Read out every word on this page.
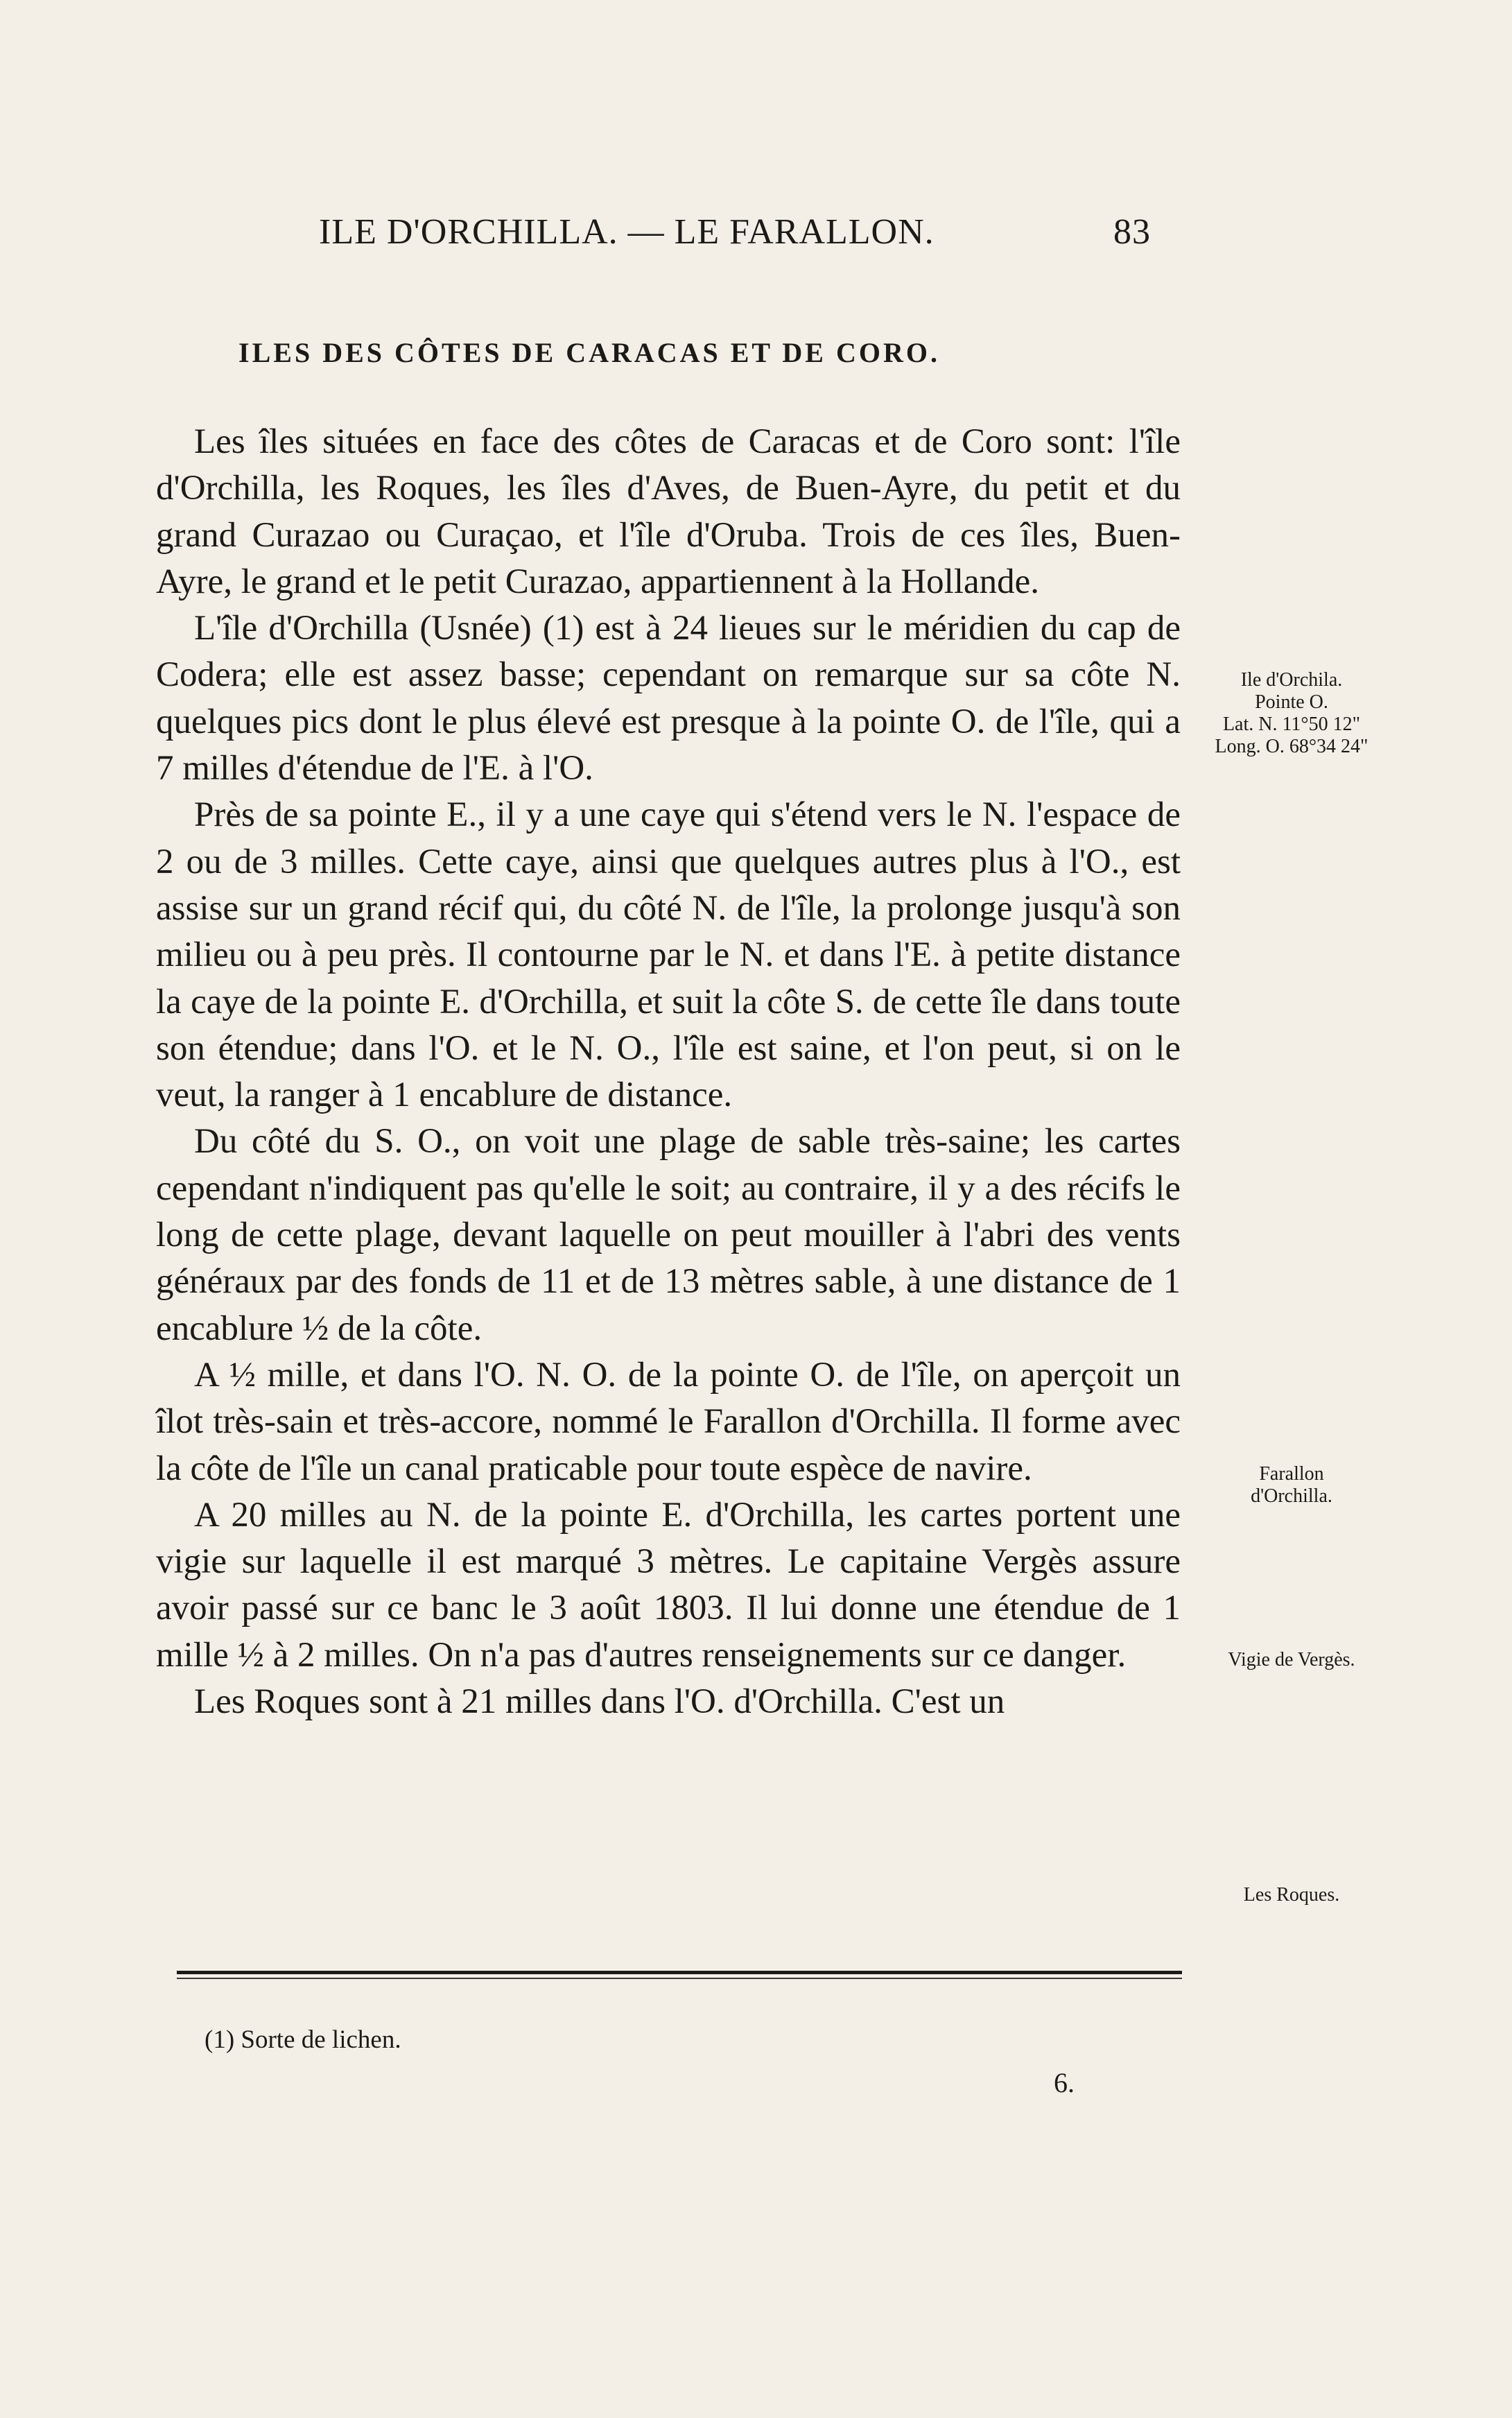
ILE D'ORCHILLA. — LE FARALLON.	83
ILES DES CÔTES DE CARACAS ET DE CORO.

Les îles situées en face des côtes de Caracas et de Coro sont: l'île d'Orchilla, les Roques, les îles d'Aves, de Buen-Ayre, du petit et du grand Curazao ou Curaçao, et l'île d'Oruba. Trois de ces îles, Buen-Ayre, le grand et le petit Curazao, appartiennent à la Hollande.

L'île d'Orchilla (Usnée) (1) est à 24 lieues sur le méridien du cap de Codera; elle est assez basse; cependant on remarque sur sa côte N. quelques pics dont le plus élevé est presque à la pointe O. de l'île, qui a 7 milles d'étendue de l'E. à l'O.

Près de sa pointe E., il y a une caye qui s'étend vers le N. l'espace de 2 ou de 3 milles. Cette caye, ainsi que quelques autres plus à l'O., est assise sur un grand récif qui, du côté N. de l'île, la prolonge jusqu'à son milieu ou à peu près. Il contourne par le N. et dans l'E. à petite distance la caye de la pointe E. d'Orchilla, et suit la côte S. de cette île dans toute son étendue; dans l'O. et le N. O., l'île est saine, et l'on peut, si on le veut, la ranger à 1 encablure de distance.

Du côté du S. O., on voit une plage de sable très-saine; les cartes cependant n'indiquent pas qu'elle le soit; au contraire, il y a des récifs le long de cette plage, devant laquelle on peut mouiller à l'abri des vents généraux par des fonds de 11 et de 13 mètres sable, à une distance de 1 encablure ½ de la côte.

A ½ mille, et dans l'O. N. O. de la pointe O. de l'île, on aperçoit un îlot très-sain et très-accore, nommé le Farallon d'Orchilla. Il forme avec la côte de l'île un canal praticable pour toute espèce de navire.

A 20 milles au N. de la pointe E. d'Orchilla, les cartes portent une vigie sur laquelle il est marqué 3 mètres. Le capitaine Vergès assure avoir passé sur ce banc le 3 août 1803. Il lui donne une étendue de 1 mille ½ à 2 milles. On n'a pas d'autres renseignements sur ce danger.

Les Roques sont à 21 milles dans l'O. d'Orchilla. C'est un

Ile d'Orchila.
Pointe O.
Lat. N. 11°50 12"
Long. O. 68°34 24"
Farallon
d'Orchilla.
Vigie de Vergès.
Les Roques.
(1) Sorte de lichen.
6.
